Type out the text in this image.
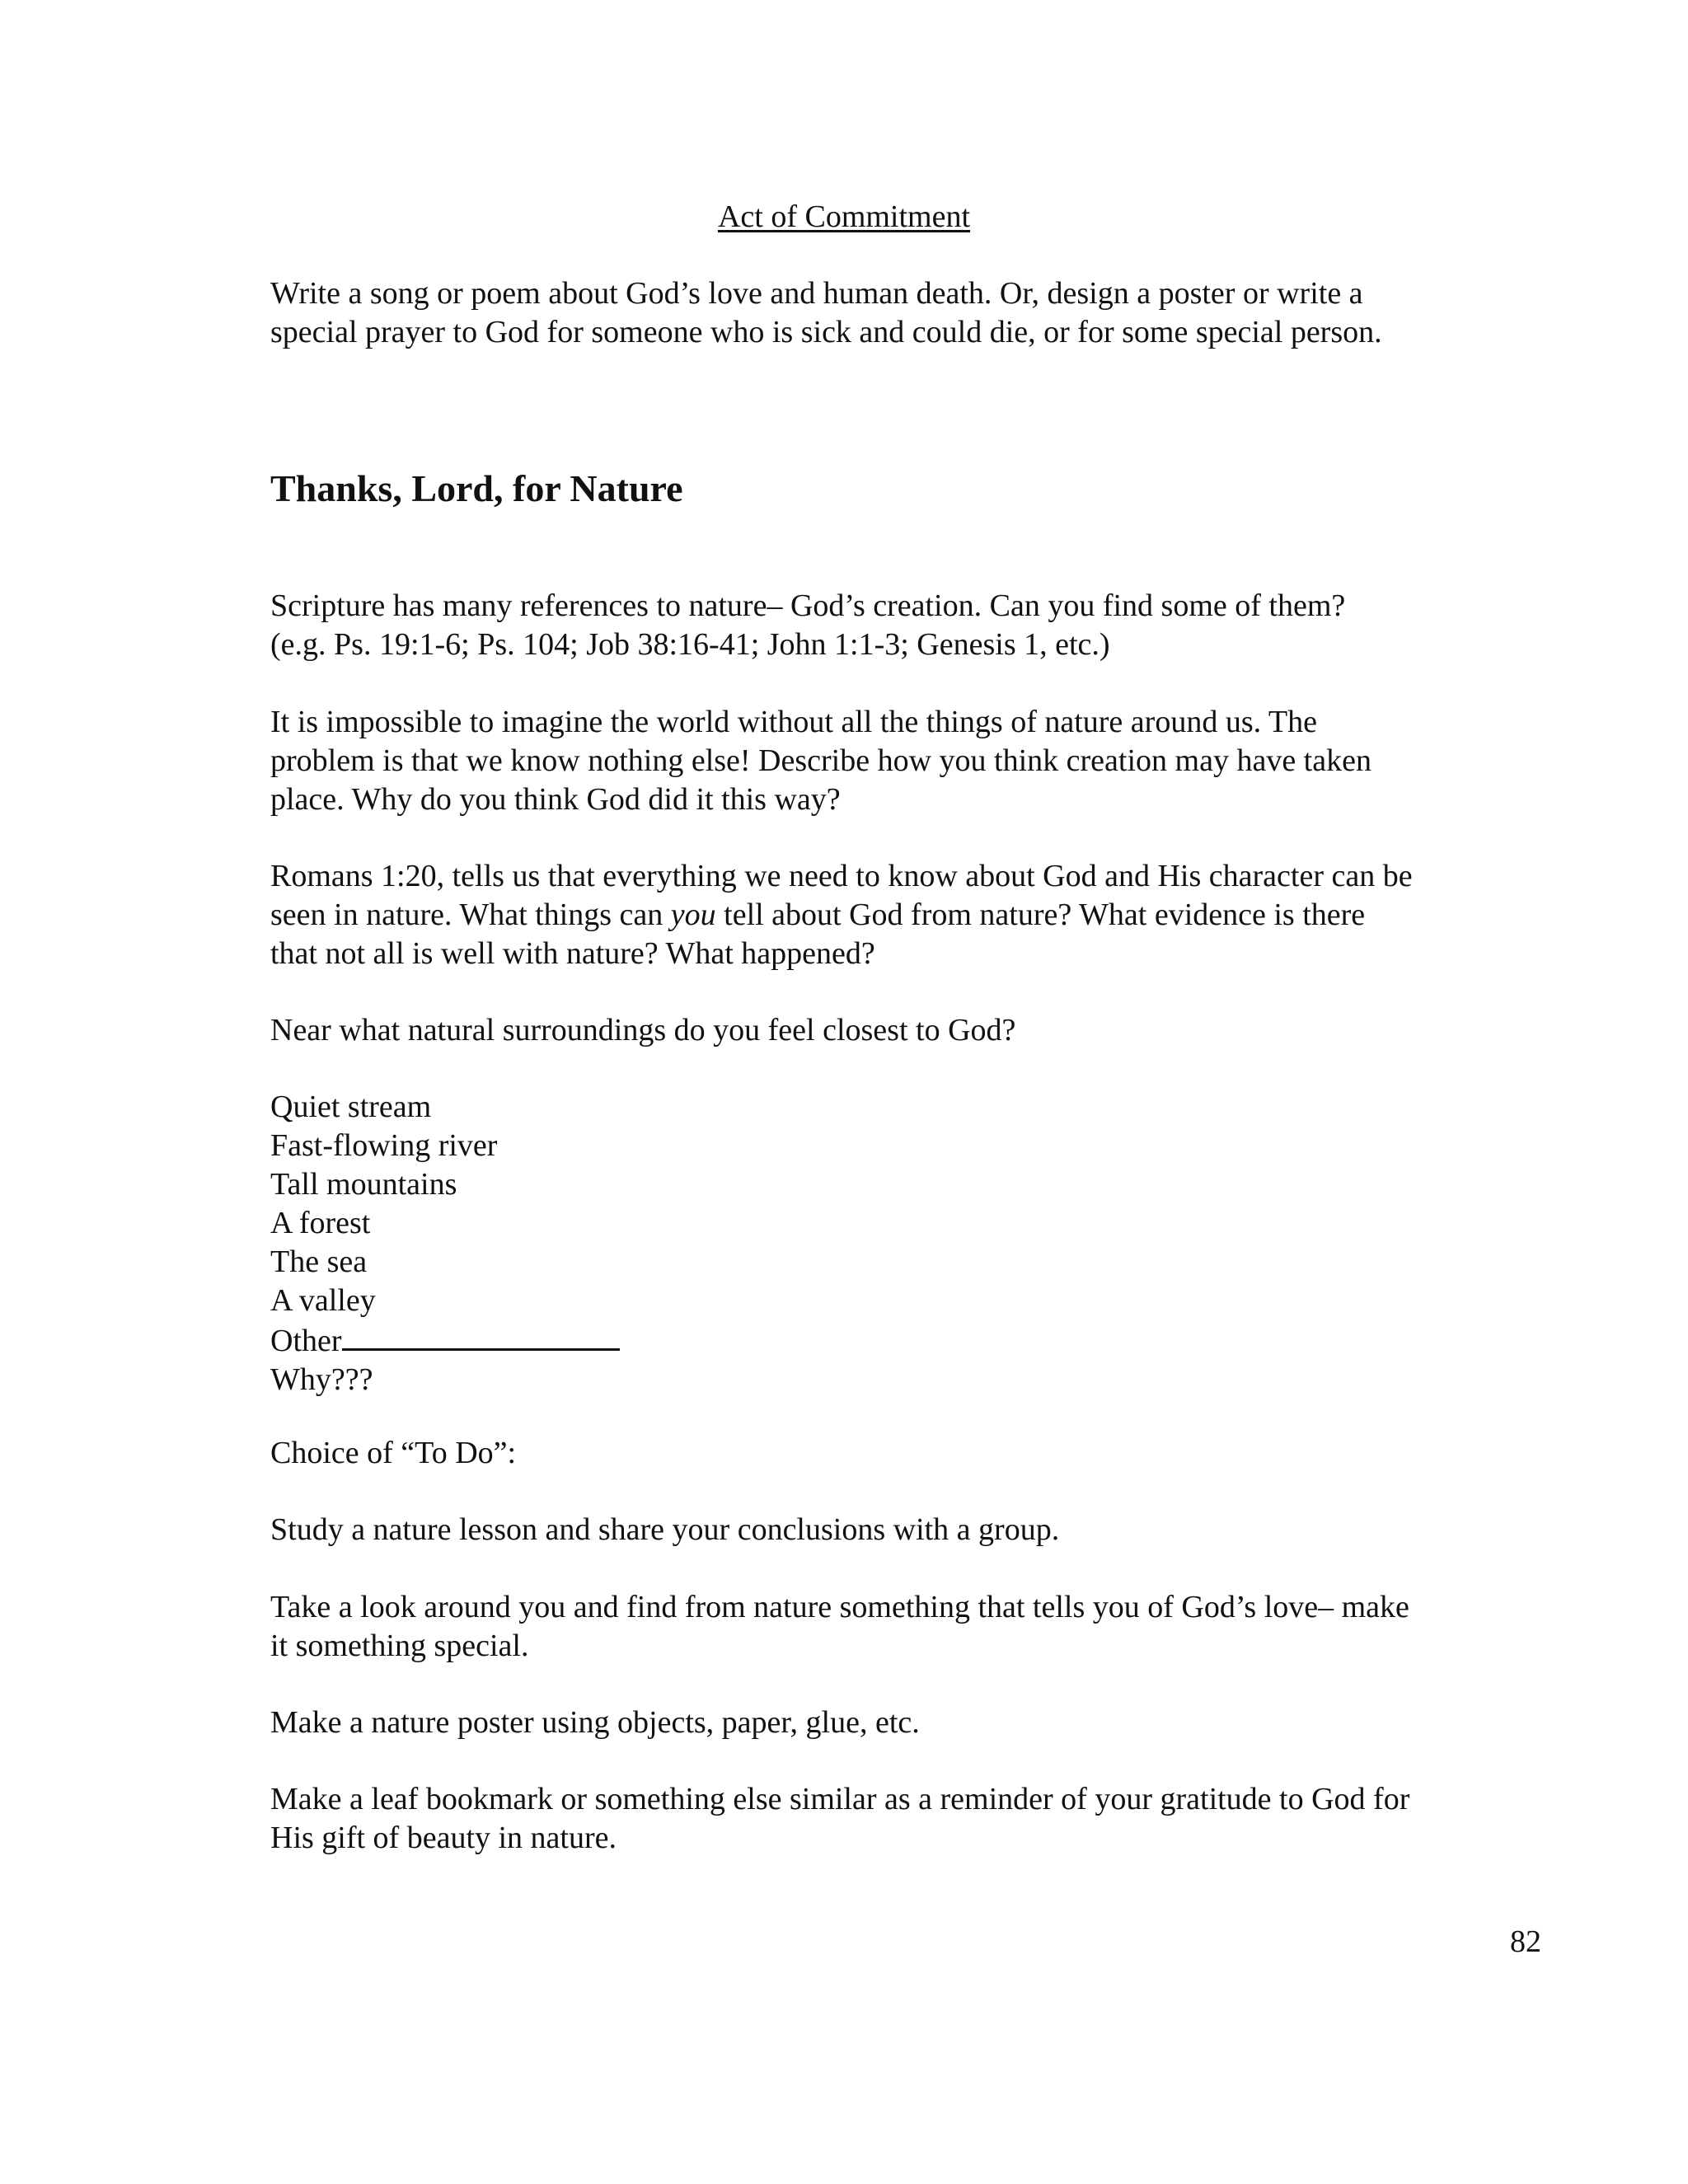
Act of Commitment

Write a song or poem about God’s love and human death. Or, design a poster or write a
special prayer to God for someone who is sick and could die, or for some special person.

Thanks, Lord, for Nature

Scripture has many references to nature– God’s creation. Can you find some of them?
(e.g. Ps. 19:1-6; Ps. 104; Job 38:16-41; John 1:1-3; Genesis 1, etc.)

It is impossible to imagine the world without all the things of nature around us. The
problem is that we know nothing else! Describe how you think creation may have taken
place. Why do you think God did it this way?

Romans 1:20, tells us that everything we need to know about God and His character can be
seen in nature. What things can you tell about God from nature? What evidence is there
that not all is well with nature? What happened?

Near what natural surroundings do you feel closest to God?

Quiet stream
Fast-flowing river
Tall mountains
A forest
The sea
A valley
Other
Why???

Choice of “To Do”:

Study a nature lesson and share your conclusions with a group.

Take a look around you and find from nature something that tells you of God’s love– make
it something special.

Make a nature poster using objects, paper, glue, etc.

Make a leaf bookmark or something else similar as a reminder of your gratitude to God for
His gift of beauty in nature.

82
